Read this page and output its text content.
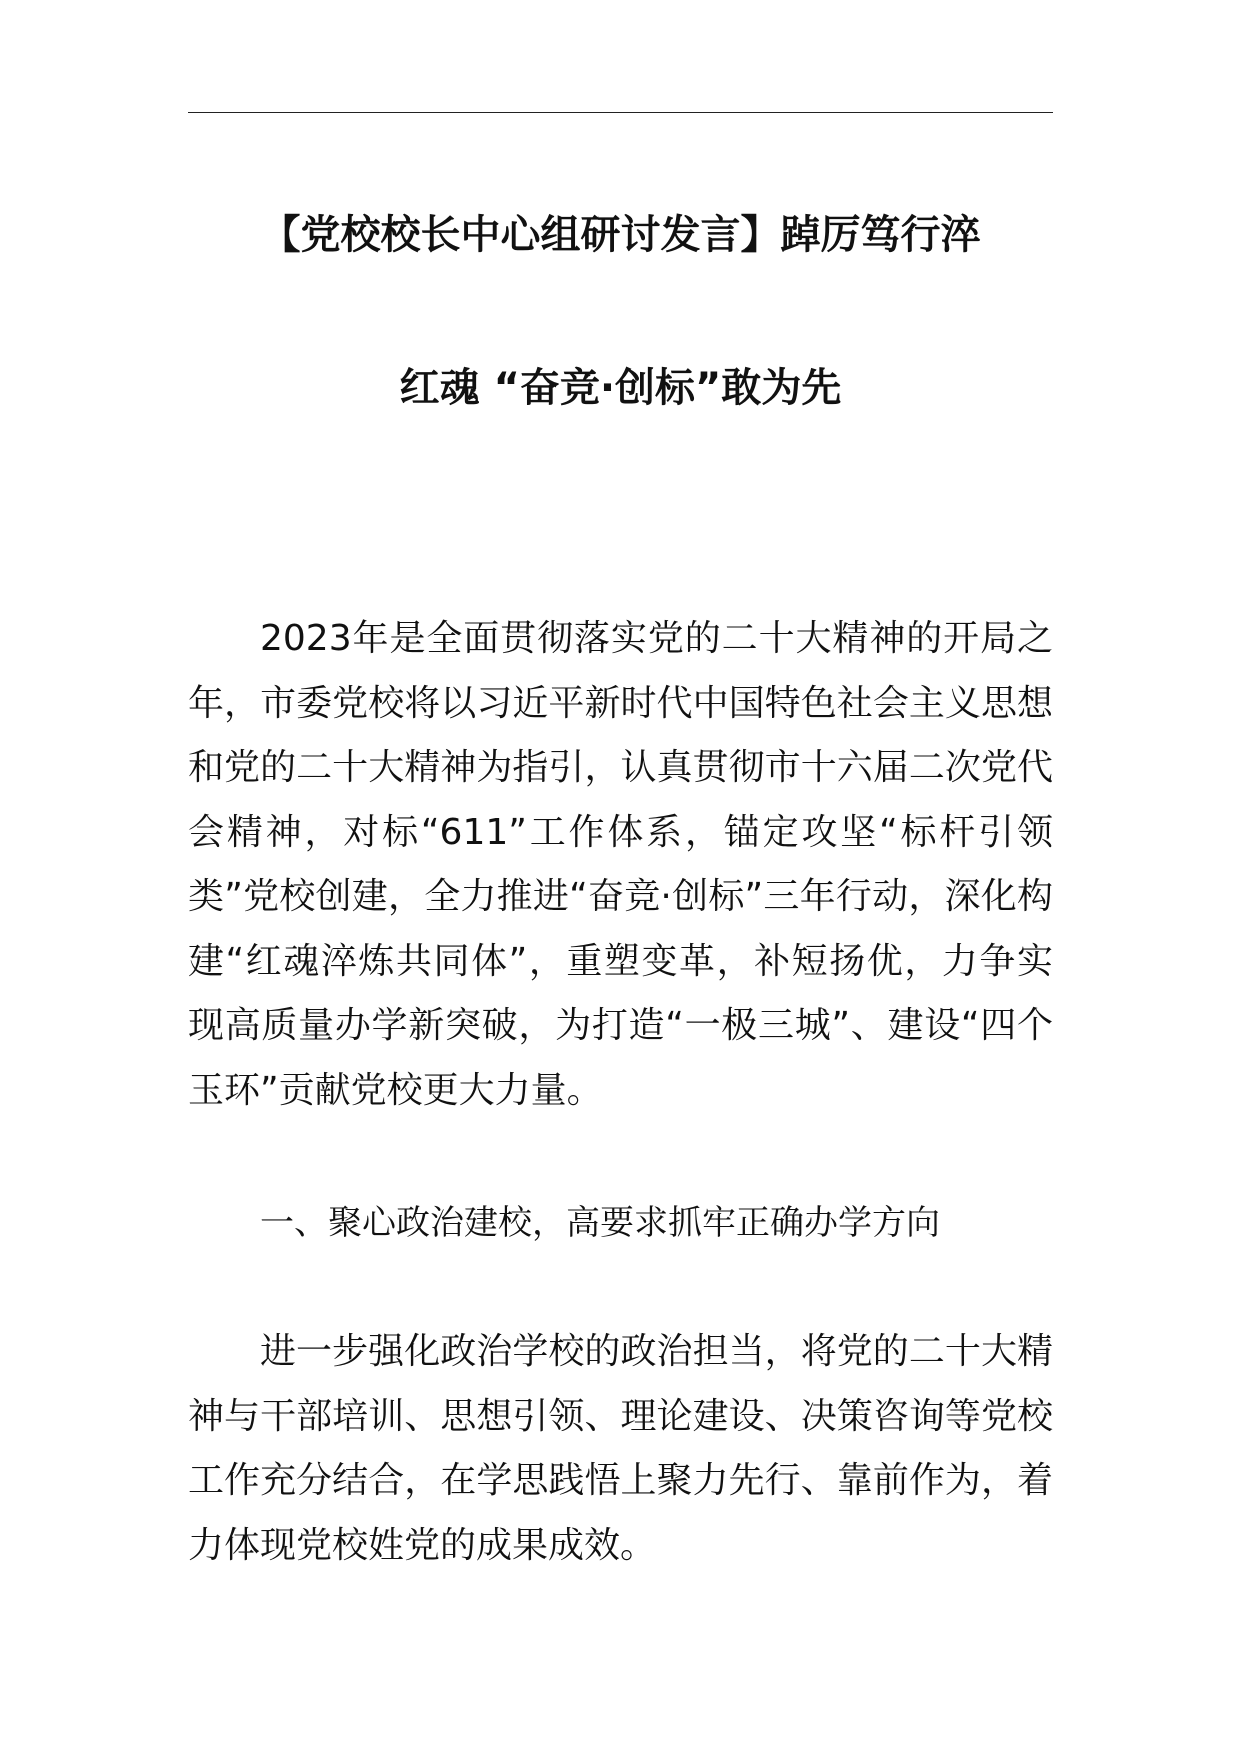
【党校校长中心组研讨发言】踔厉笃行淬
红魂 “奋竞·创标”敢为先

2023年是全面贯彻落实党的二十大精神的开局之年，市委党校将以习近平新时代中国特色社会主义思想和党的二十大精神为指引，认真贯彻市十六届二次党代会精神，对标“611”工作体系，锚定攻坚“标杆引领类”党校创建，全力推进“奋竞·创标”三年行动，深化构建“红魂淬炼共同体”，重塑变革，补短扬优，力争实现高质量办学新突破，为打造“一极三城”、建设“四个玉环”贡献党校更大力量。

一、聚心政治建校，高要求抓牢正确办学方向

进一步强化政治学校的政治担当，将党的二十大精神与干部培训、思想引领、理论建设、决策咨询等党校工作充分结合，在学思践悟上聚力先行、靠前作为，着力体现党校姓党的成果成效。
